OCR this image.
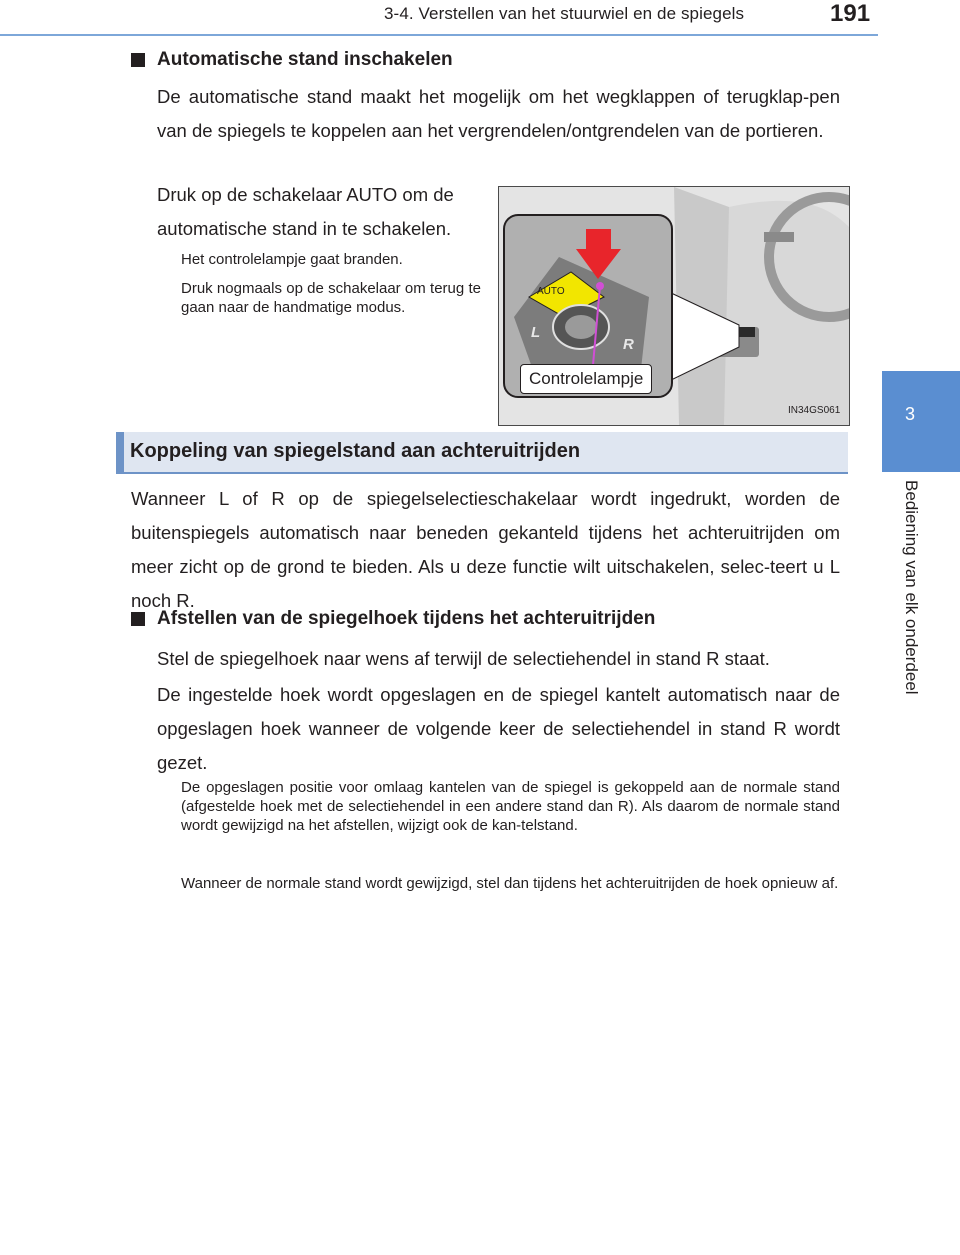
3-4. Verstellen van het stuurwiel en de spiegels	191
3
Bediening van elk onderdeel
Automatische stand inschakelen
De automatische stand maakt het mogelijk om het wegklappen of terugklap-pen van de spiegels te koppelen aan het vergrendelen/ontgrendelen van de portieren.
Druk op de schakelaar AUTO om de automatische stand in te schakelen.
Het controlelampje gaat branden.
Druk nogmaals op de schakelaar om terug te gaan naar de handmatige modus.
AUTO
L
R
Controlelampje
IN34GS061
Koppeling van spiegelstand aan achteruitrijden
Wanneer L of R op de spiegelselectieschakelaar wordt ingedrukt, worden de buitenspiegels automatisch naar beneden gekanteld tijdens het achteruitrijden om meer zicht op de grond te bieden. Als u deze functie wilt uitschakelen, selec-teert u L noch R.
Afstellen van de spiegelhoek tijdens het achteruitrijden
Stel de spiegelhoek naar wens af terwijl de selectiehendel in stand R staat.
De ingestelde hoek wordt opgeslagen en de spiegel kantelt automatisch naar de opgeslagen hoek wanneer de volgende keer de selectiehendel in stand R wordt gezet.
De opgeslagen positie voor omlaag kantelen van de spiegel is gekoppeld aan de normale stand (afgestelde hoek met de selectiehendel in een andere stand dan R). Als daarom de normale stand wordt gewijzigd na het afstellen, wijzigt ook de kan-telstand.
Wanneer de normale stand wordt gewijzigd, stel dan tijdens het achteruitrijden de hoek opnieuw af.
